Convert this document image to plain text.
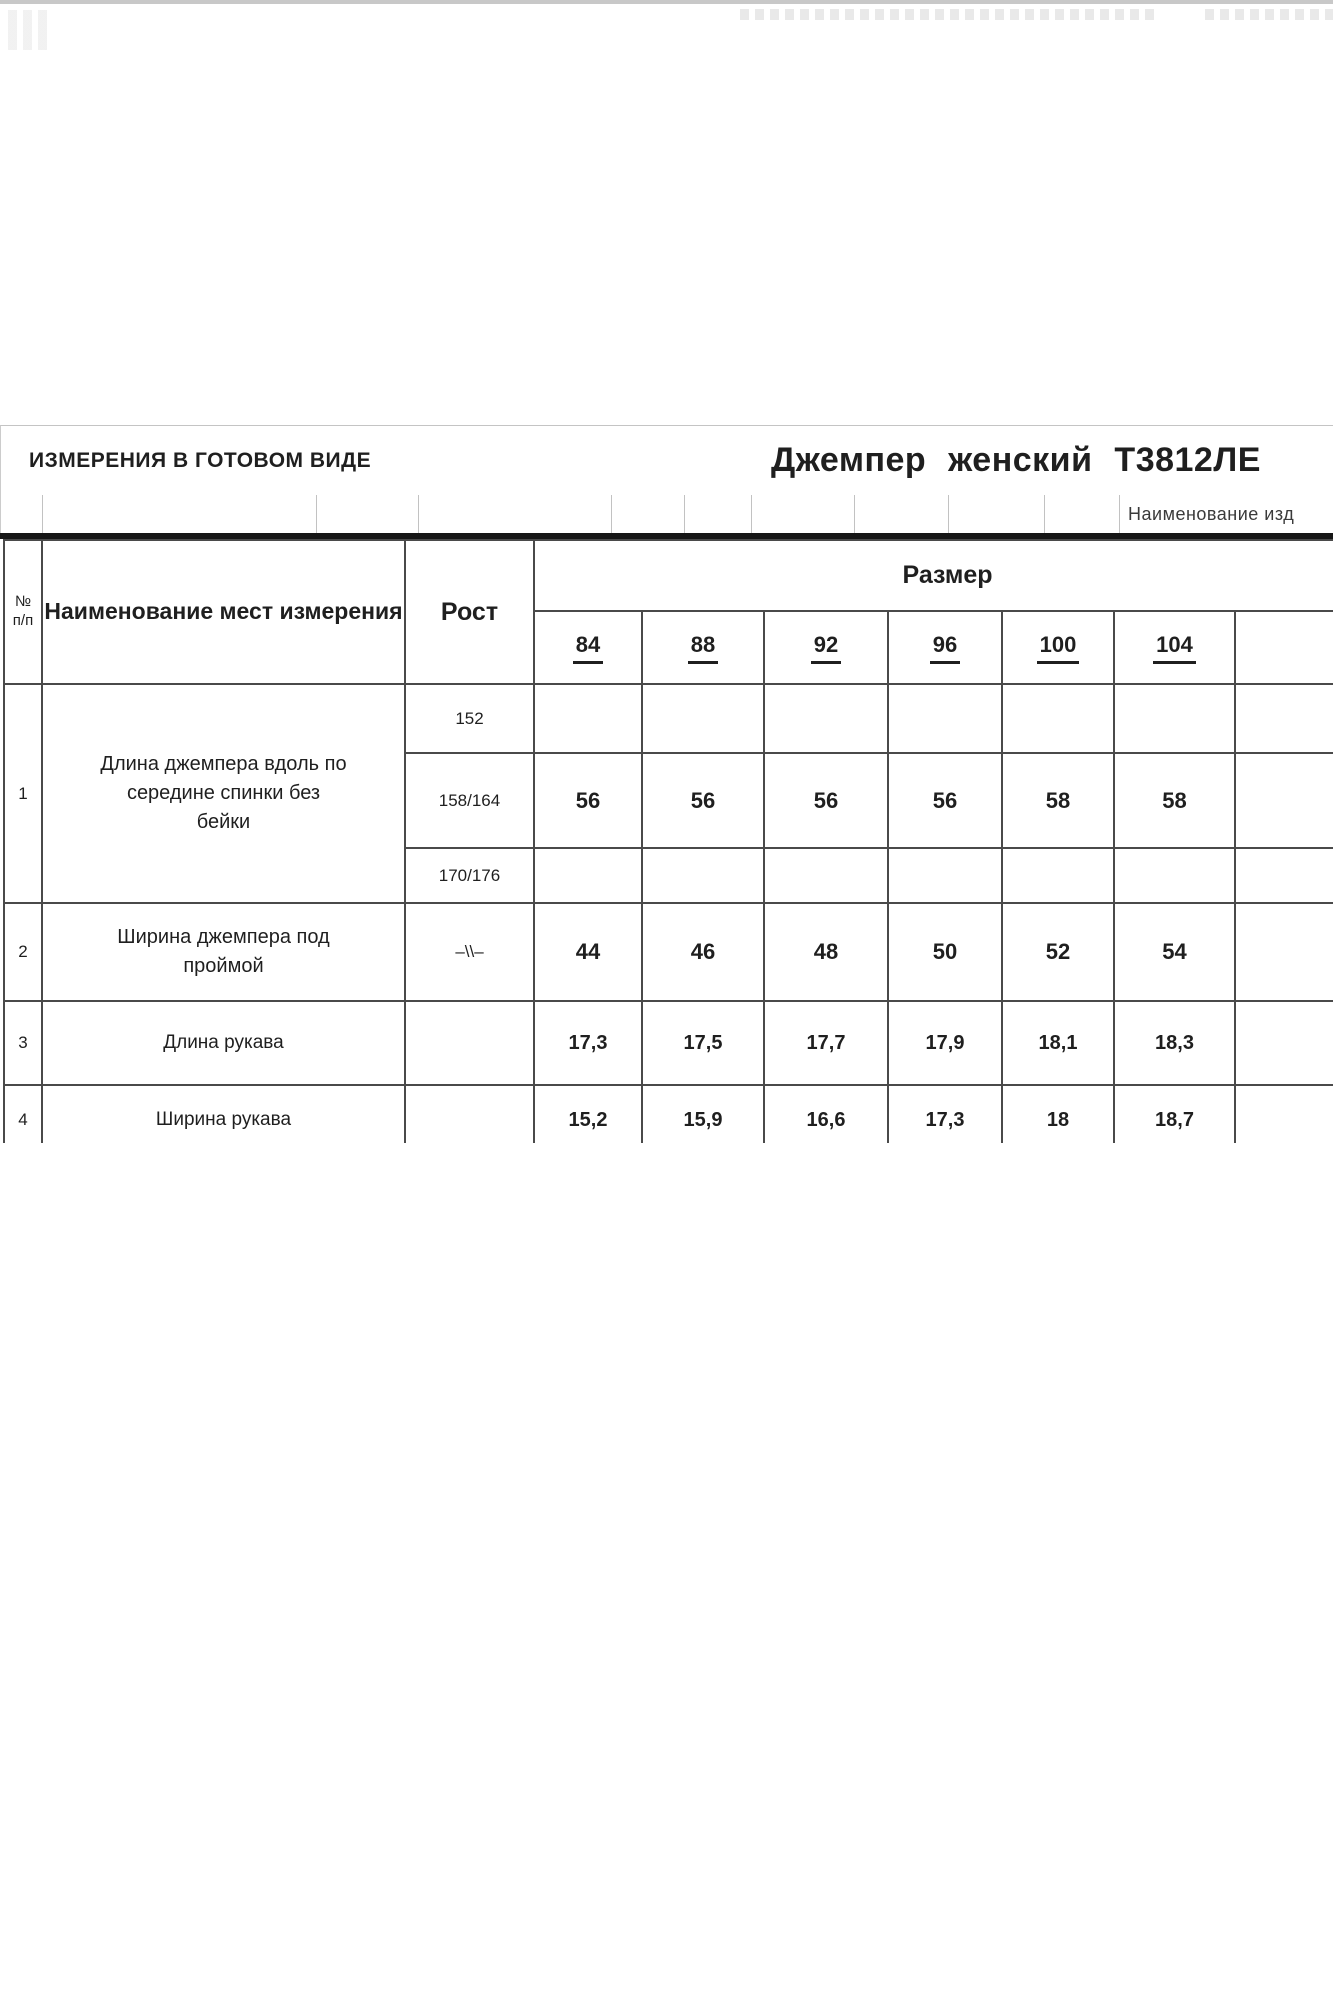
ИЗМЕРЕНИЯ В ГОТОВОМ ВИДЕ	Джемпер женский Т3812ЛЕ
Наименование изд
№
п/п	Наименование мест измерения	Рост	Размер						
			84	88	92	96	100	104	
1	Длина джемпера вдоль по середине спинки без бейки	152							
		158/164	56	56	56	56	58	58	
		170/176							
2	Ширина джемпера под проймой	–\\–	44	46	48	50	52	54	
3	Длина рукава		17,3	17,5	17,7	17,9	18,1	18,3	
4	Ширина рукава		15,2	15,9	16,6	17,3	18	18,7	
